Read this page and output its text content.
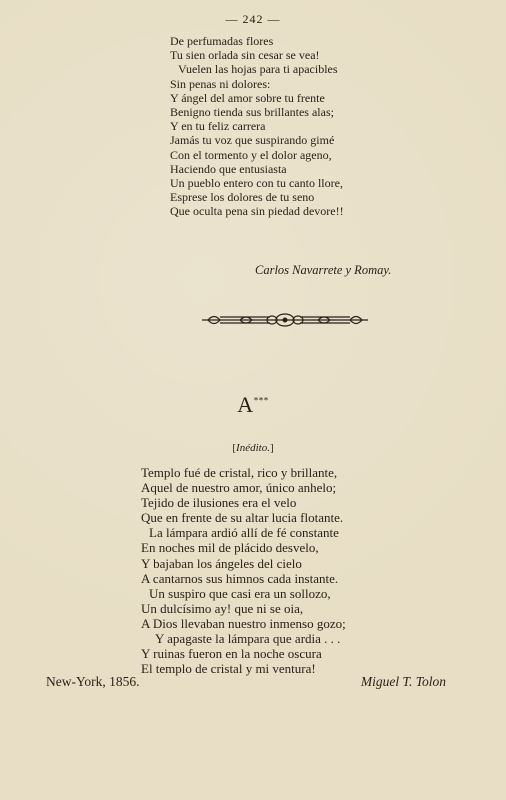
— 242 —
De perfumadas flores
Tu sien orlada sin cesar se vea!
Vuelen las hojas para ti apacibles
Sin penas ni dolores:
Y ángel del amor sobre tu frente
Benigno tienda sus brillantes alas;
Y en tu feliz carrera
Jamás tu voz que suspirando gimé
Con el tormento y el dolor ageno,
Haciendo que entusiasta
Un pueblo entero con tu canto llore,
Esprese los dolores de tu seno
Que oculta pena sin piedad devore!!
Carlos Navarrete y Romay.
A***
[Inédito.]
Templo fué de cristal, rico y brillante,
Aquel de nuestro amor, único anhelo;
Tejido de ilusiones era el velo
Que en frente de su altar lucia flotante.
La lámpara ardió allí de fé constante
En noches mil de plácido desvelo,
Y bajaban los ángeles del cielo
A cantarnos sus himnos cada instante.
Un suspiro que casi era un sollozo,
Un dulcísimo ay! que ni se oia,
A Dios llevaban nuestro inmenso gozo;
Y apagaste la lámpara que ardia . . .
Y ruinas fueron en la noche oscura
El templo de cristal y mi ventura!
New-York, 1856.	Miguel T. Tolon
